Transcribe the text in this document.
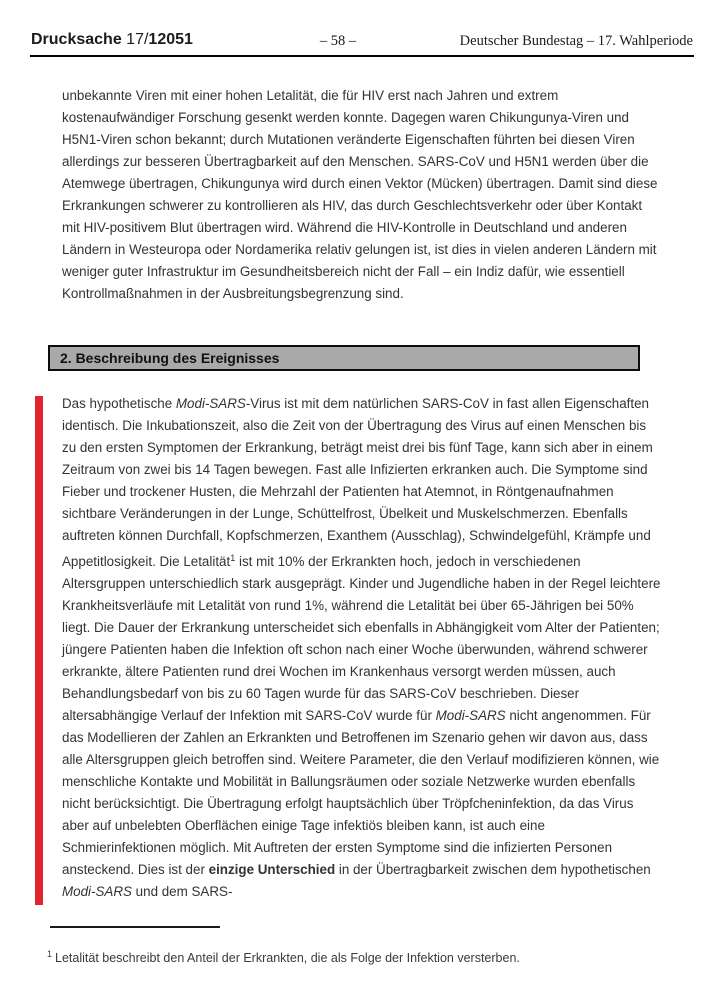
Drucksache 17/12051	– 58 –	Deutscher Bundestag – 17. Wahlperiode
unbekannte Viren mit einer hohen Letalität, die für HIV erst nach Jahren und extrem kostenaufwändiger Forschung gesenkt werden konnte. Dagegen waren Chikungunya-Viren und H5N1-Viren schon bekannt; durch Mutationen veränderte Eigenschaften führten bei diesen Viren allerdings zur besseren Übertragbarkeit auf den Menschen. SARS-CoV und H5N1 werden über die Atemwege übertragen, Chikungunya wird durch einen Vektor (Mücken) übertragen. Damit sind diese Erkrankungen schwerer zu kontrollieren als HIV, das durch Geschlechtsverkehr oder über Kontakt mit HIV-positivem Blut übertragen wird. Während die HIV-Kontrolle in Deutschland und anderen Ländern in Westeuropa oder Nordamerika relativ gelungen ist, ist dies in vielen anderen Ländern mit weniger guter Infrastruktur im Gesundheitsbereich nicht der Fall – ein Indiz dafür, wie essentiell Kontrollmaßnahmen in der Ausbreitungsbegrenzung sind.
2. Beschreibung des Ereignisses
Das hypothetische Modi-SARS-Virus ist mit dem natürlichen SARS-CoV in fast allen Eigenschaften identisch. Die Inkubationszeit, also die Zeit von der Übertragung des Virus auf einen Menschen bis zu den ersten Symptomen der Erkrankung, beträgt meist drei bis fünf Tage, kann sich aber in einem Zeitraum von zwei bis 14 Tagen bewegen. Fast alle Infizierten erkranken auch. Die Symptome sind Fieber und trockener Husten, die Mehrzahl der Patienten hat Atemnot, in Röntgenaufnahmen sichtbare Veränderungen in der Lunge, Schüttelfrost, Übelkeit und Muskelschmerzen. Ebenfalls auftreten können Durchfall, Kopfschmerzen, Exanthem (Ausschlag), Schwindelgefühl, Krämpfe und Appetitlosigkeit. Die Letalität$^1$ ist mit 10% der Erkrankten hoch, jedoch in verschiedenen Altersgruppen unterschiedlich stark ausgeprägt. Kinder und Jugendliche haben in der Regel leichtere Krankheitsverläufe mit Letalität von rund 1%, während die Letalität bei über 65-Jährigen bei 50% liegt. Die Dauer der Erkrankung unterscheidet sich ebenfalls in Abhängigkeit vom Alter der Patienten; jüngere Patienten haben die Infektion oft schon nach einer Woche überwunden, während schwerer erkrankte, ältere Patienten rund drei Wochen im Krankenhaus versorgt werden müssen, auch Behandlungsbedarf von bis zu 60 Tagen wurde für das SARS-CoV beschrieben. Dieser altersabhängige Verlauf der Infektion mit SARS-CoV wurde für Modi-SARS nicht angenommen. Für das Modellieren der Zahlen an Erkrankten und Betroffenen im Szenario gehen wir davon aus, dass alle Altersgruppen gleich betroffen sind. Weitere Parameter, die den Verlauf modifizieren können, wie menschliche Kontakte und Mobilität in Ballungsräumen oder soziale Netzwerke wurden ebenfalls nicht berücksichtigt. Die Übertragung erfolgt hauptsächlich über Tröpfcheninfektion, da das Virus aber auf unbelebten Oberflächen einige Tage infektiös bleiben kann, ist auch eine Schmierinfektionen möglich. Mit Auftreten der ersten Symptome sind die infizierten Personen ansteckend. Dies ist der einzige Unterschied in der Übertragbarkeit zwischen dem hypothetischen Modi-SARS und dem SARS-
$^1$ Letalität beschreibt den Anteil der Erkrankten, die als Folge der Infektion versterben.
